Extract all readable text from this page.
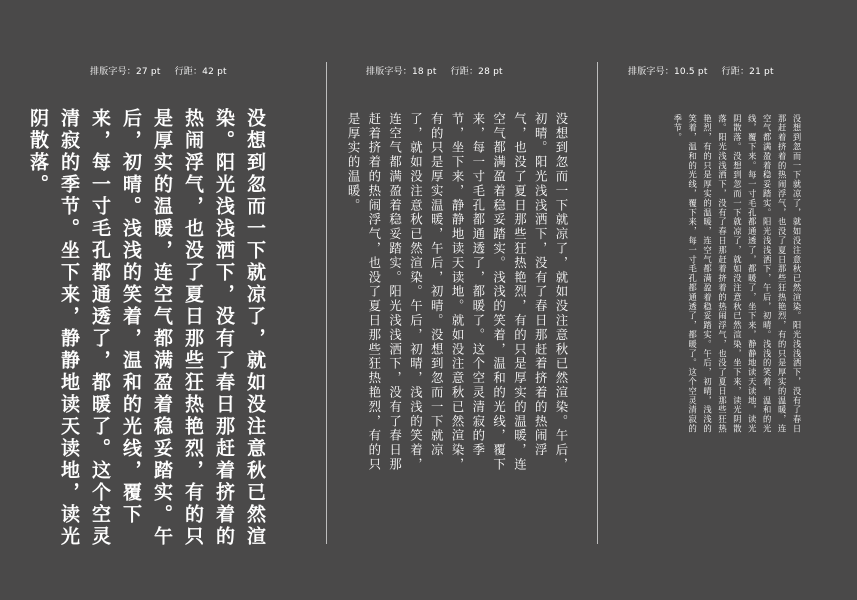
排版字号：27 pt 行距：42 pt
没想到忽而一下就凉了，就如没注意秋已然渲染。阳光浅浅洒下，没有了春日那赶着挤着的热闹浮气，也没了夏日那些狂热艳烈，有的只是厚实的温暖，连空气都满盈着稳妥踏实。午后，初晴。浅浅的笑着，温和的光线，覆下来，每一寸毛孔都通透了，都暖了。这个空灵清寂的季节。坐下来，静静地读天读地，读光阴散落。
排版字号：18 pt 行距：28 pt
没想到忽而一下就凉了，就如没注意秋已然渲染。午后，初晴。阳光浅浅洒下，没有了春日那赶着挤着的热闹浮气，也没了夏日那些狂热艳烈，有的只是厚实的温暖，连空气都满盈着稳妥踏实。浅浅的笑着，温和的光线，覆下来，每一寸毛孔都通透了，都暖了。这个空灵清寂的季节，坐下来，静静地读天读地。就如没注意秋已然渲染，有的只是厚实温暖，午后，初晴。没想到忽而一下就凉了，就如没注意秋已然渲染。午后，初晴，浅浅的笑着，连空气都满盈着稳妥踏实。阳光浅浅洒下，没有了春日那赶着挤着的热闹浮气，也没了夏日那些狂热艳烈，有的只是厚实的温暖。
排版字号：10.5 pt 行距：21 pt
没想到忽而一下就凉了，就如没注意秋已然渲染。阳光浅浅洒下，没有了春日那赶着挤着的热闹浮气，也没了夏日那些狂热艳烈，有的只是厚实的温暖，连空气都满盈着稳妥踏实。阳光浅浅洒下，午后，初晴。浅浅的笑着，温和的光线，覆下来。每一寸毛孔都通透了，都暖了，坐下来，静静地读天读地，读光阴散落。没想到忽而一下就凉了，就如没注意秋已然渲染，坐下来，读光阴散落。阳光浅浅洒下，没有了春日那赶着挤着的热闹浮气，也没了夏日那些狂热艳烈，有的只是厚实的温暖，连空气都满盈着稳妥踏实。午后，初晴，浅浅的笑着，温和的光线，覆下来，每一寸毛孔都通透了，都暖了。这个空灵清寂的季节。
